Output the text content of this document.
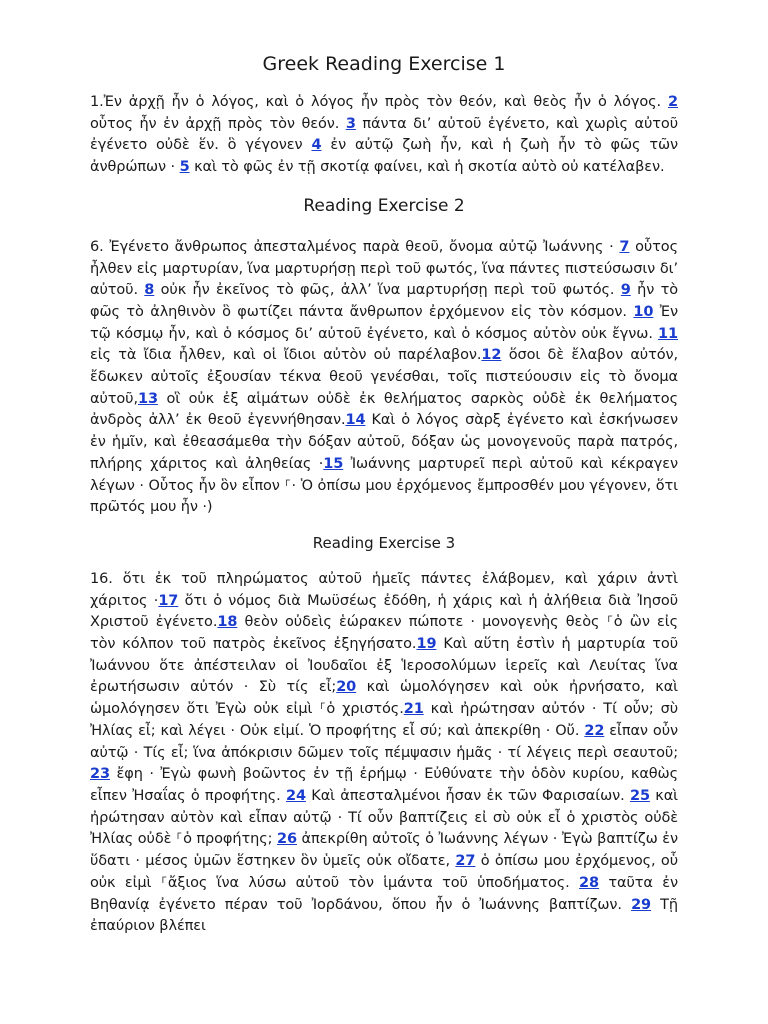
Greek Reading Exercise 1

1.Ἐν ἀρχῇ ἦν ὁ λόγος, καὶ ὁ λόγος ἦν πρὸς τὸν θεόν, καὶ θεὸς ἦν ὁ λόγος. 2 οὗτος ἦν ἐν ἀρχῇ πρὸς τὸν θεόν. 3 πάντα δι’ αὐτοῦ ἐγένετο, καὶ χωρὶς αὐτοῦ ἐγένετο οὐδὲ ἕν. ὃ γέγονεν 4 ἐν αὐτῷ ζωὴ ἦν, καὶ ἡ ζωὴ ἦν τὸ φῶς τῶν ἀνθρώπων · 5 καὶ τὸ φῶς ἐν τῇ σκοτίᾳ φαίνει, καὶ ἡ σκοτία αὐτὸ οὐ κατέλαβεν.

Reading Exercise 2

6. Ἐγένετο ἄνθρωπος ἀπεσταλμένος παρὰ θεοῦ, ὄνομα αὐτῷ Ἰωάννης · 7 οὗτος ἦλθεν εἰς μαρτυρίαν, ἵνα μαρτυρήσῃ περὶ τοῦ φωτός, ἵνα πάντες πιστεύσωσιν δι’ αὐτοῦ. 8 οὐκ ἦν ἐκεῖνος τὸ φῶς, ἀλλ’ ἵνα μαρτυρήσῃ περὶ τοῦ φωτός. 9 ἦν τὸ φῶς τὸ ἀληθινὸν ὃ φωτίζει πάντα ἄνθρωπον ἐρχόμενον εἰς τὸν κόσμον. 10 Ἐν τῷ κόσμῳ ἦν, καὶ ὁ κόσμος δι’ αὐτοῦ ἐγένετο, καὶ ὁ κόσμος αὐτὸν οὐκ ἔγνω. 11 εἰς τὰ ἴδια ἦλθεν, καὶ οἱ ἴδιοι αὐτὸν οὐ παρέλαβον.12 ὅσοι δὲ ἔλαβον αὐτόν, ἔδωκεν αὐτοῖς ἐξουσίαν τέκνα θεοῦ γενέσθαι, τοῖς πιστεύουσιν εἰς τὸ ὄνομα αὐτοῦ,13 οἳ οὐκ ἐξ αἱμάτων οὐδὲ ἐκ θελήματος σαρκὸς οὐδὲ ἐκ θελήματος ἀνδρὸς ἀλλ’ ἐκ θεοῦ ἐγεννήθησαν.14 Καὶ ὁ λόγος σὰρξ ἐγένετο καὶ ἐσκήνωσεν ἐν ἡμῖν, καὶ ἐθεασάμεθα τὴν δόξαν αὐτοῦ, δόξαν ὡς μονογενοῦς παρὰ πατρός, πλήρης χάριτος καὶ ἀληθείας ·15 Ἰωάννης μαρτυρεῖ περὶ αὐτοῦ καὶ κέκραγεν λέγων · Οὗτος ἦν ὃν εἶπον ⸀· Ὁ ὀπίσω μου ἐρχόμενος ἔμπροσθέν μου γέγονεν, ὅτι πρῶτός μου ἦν ·)

Reading Exercise 3

16. ὅτι ἐκ τοῦ πληρώματος αὐτοῦ ἡμεῖς πάντες ἐλάβομεν, καὶ χάριν ἀντὶ χάριτος ·17 ὅτι ὁ νόμος διὰ Μωϋσέως ἐδόθη, ἡ χάρις καὶ ἡ ἀλήθεια διὰ Ἰησοῦ Χριστοῦ ἐγένετο.18 θεὸν οὐδεὶς ἑώρακεν πώποτε · μονογενὴς θεὸς ⸀ὁ ὢν εἰς τὸν κόλπον τοῦ πατρὸς ἐκεῖνος ἐξηγήσατο.19 Καὶ αὕτη ἐστὶν ἡ μαρτυρία τοῦ Ἰωάννου ὅτε ἀπέστειλαν οἱ Ἰουδαῖοι ἐξ Ἱεροσολύμων ἱερεῖς καὶ Λευίτας ἵνα ἐρωτήσωσιν αὐτόν · Σὺ τίς εἶ;20 καὶ ὡμολόγησεν καὶ οὐκ ἠρνήσατο, καὶ ὡμολόγησεν ὅτι Ἐγὼ οὐκ εἰμὶ ⸀ὁ χριστός.21 καὶ ἠρώτησαν αὐτόν · Τί οὖν; σὺ Ἠλίας εἶ; καὶ λέγει · Οὐκ εἰμί. Ὁ προφήτης εἶ σύ; καὶ ἀπεκρίθη · Οὔ. 22 εἶπαν οὖν αὐτῷ · Τίς εἶ; ἵνα ἀπόκρισιν δῶμεν τοῖς πέμψασιν ἡμᾶς · τί λέγεις περὶ σεαυτοῦ; 23 ἔφη · Ἐγὼ φωνὴ βοῶντος ἐν τῇ ἐρήμῳ · Εὐθύνατε τὴν ὁδὸν κυρίου, καθὼς εἶπεν Ἠσαΐας ὁ προφήτης. 24 Καὶ ἀπεσταλμένοι ἦσαν ἐκ τῶν Φαρισαίων. 25 καὶ ἠρώτησαν αὐτὸν καὶ εἶπαν αὐτῷ · Τί οὖν βαπτίζεις εἰ σὺ οὐκ εἶ ὁ χριστὸς οὐδὲ Ἠλίας οὐδὲ ⸀ὁ προφήτης; 26 ἀπεκρίθη αὐτοῖς ὁ Ἰωάννης λέγων · Ἐγὼ βαπτίζω ἐν ὕδατι · μέσος ὑμῶν ἕστηκεν ὃν ὑμεῖς οὐκ οἴδατε, 27 ὁ ὀπίσω μου ἐρχόμενος, οὗ οὐκ εἰμὶ ⸀ἄξιος ἵνα λύσω αὐτοῦ τὸν ἱμάντα τοῦ ὑποδήματος. 28 ταῦτα ἐν Βηθανίᾳ ἐγένετο πέραν τοῦ Ἰορδάνου, ὅπου ἦν ὁ Ἰωάννης βαπτίζων. 29 Τῇ ἐπαύριον βλέπει
